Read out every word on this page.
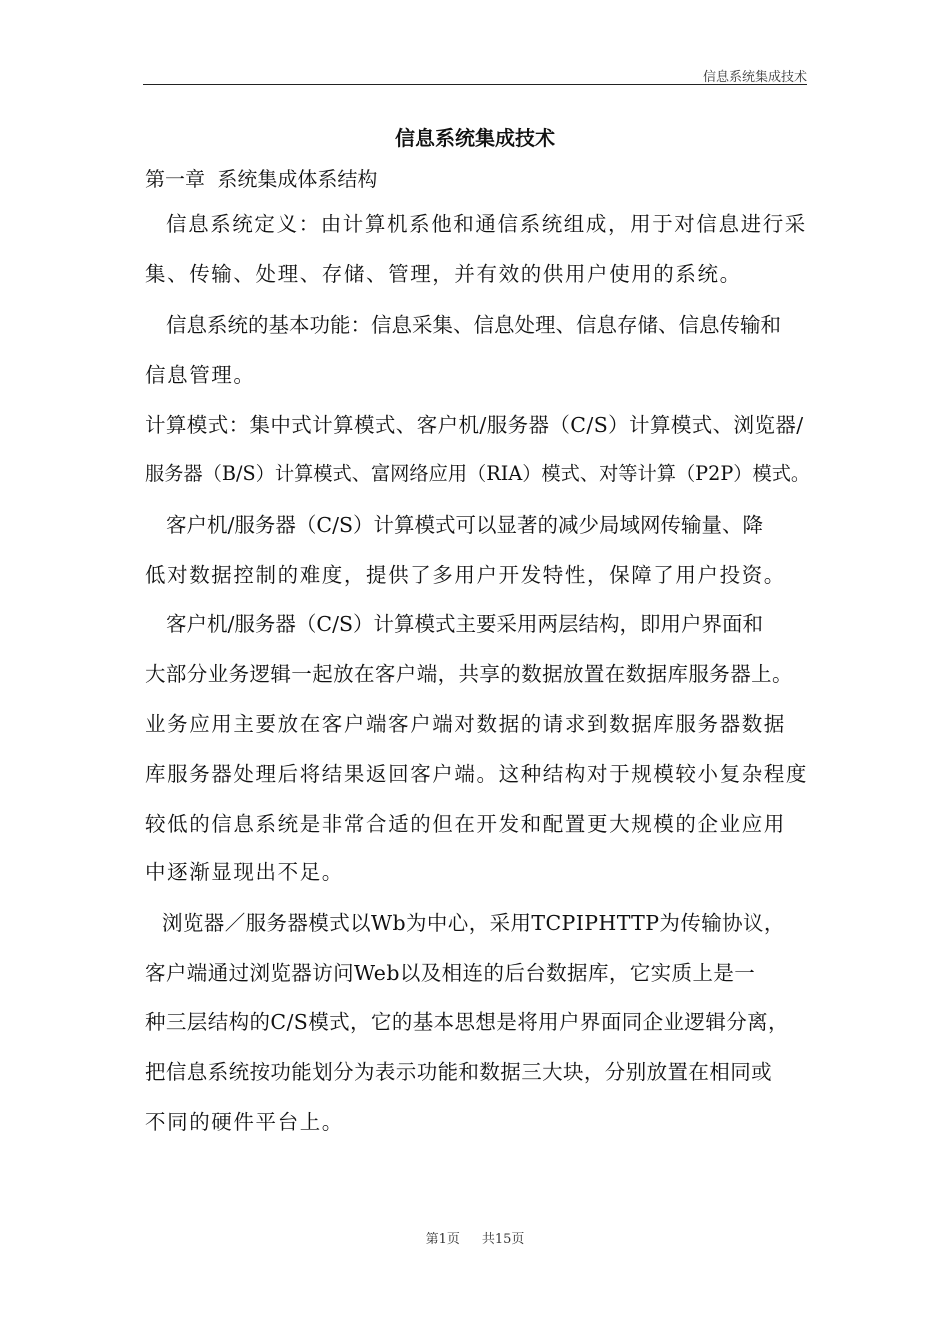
信息系统集成技术
信息系统集成技术
第一章 系统集成体系结构
信息系统定义：由计算机系他和通信系统组成，用于对信息进行采
集、传输、处理、存储、管理，并有效的供用户使用的系统。
信息系统的基本功能：信息采集、信息处理、信息存储、信息传输和
信息管理。
计算模式：集中式计算模式、客户机/服务器（C/S）计算模式、浏览器/
服务器（B/S）计算模式、富网络应用（RIA）模式、对等计算（P2P）模式。
客户机/服务器（C/S）计算模式可以显著的减少局域网传输量、降
低对数据控制的难度，提供了多用户开发特性，保障了用户投资。
客户机/服务器（C/S）计算模式主要采用两层结构，即用户界面和
大部分业务逻辑一起放在客户端，共享的数据放置在数据库服务器上。
业务应用主要放在客户端客户端对数据的请求到数据库服务器数据
库服务器处理后将结果返回客户端。这种结构对于规模较小复杂程度
较低的信息系统是非常合适的但在开发和配置更大规模的企业应用
中逐渐显现出不足。
浏览器／服务器模式以Wb为中心，采用TCPIPHTTP为传输协议，
客户端通过浏览器访问Web以及相连的后台数据库，它实质上是一
种三层结构的C/S模式，它的基本思想是将用户界面同企业逻辑分离，
把信息系统按功能划分为表示功能和数据三大块，分别放置在相同或
不同的硬件平台上。
第1页 共15页
